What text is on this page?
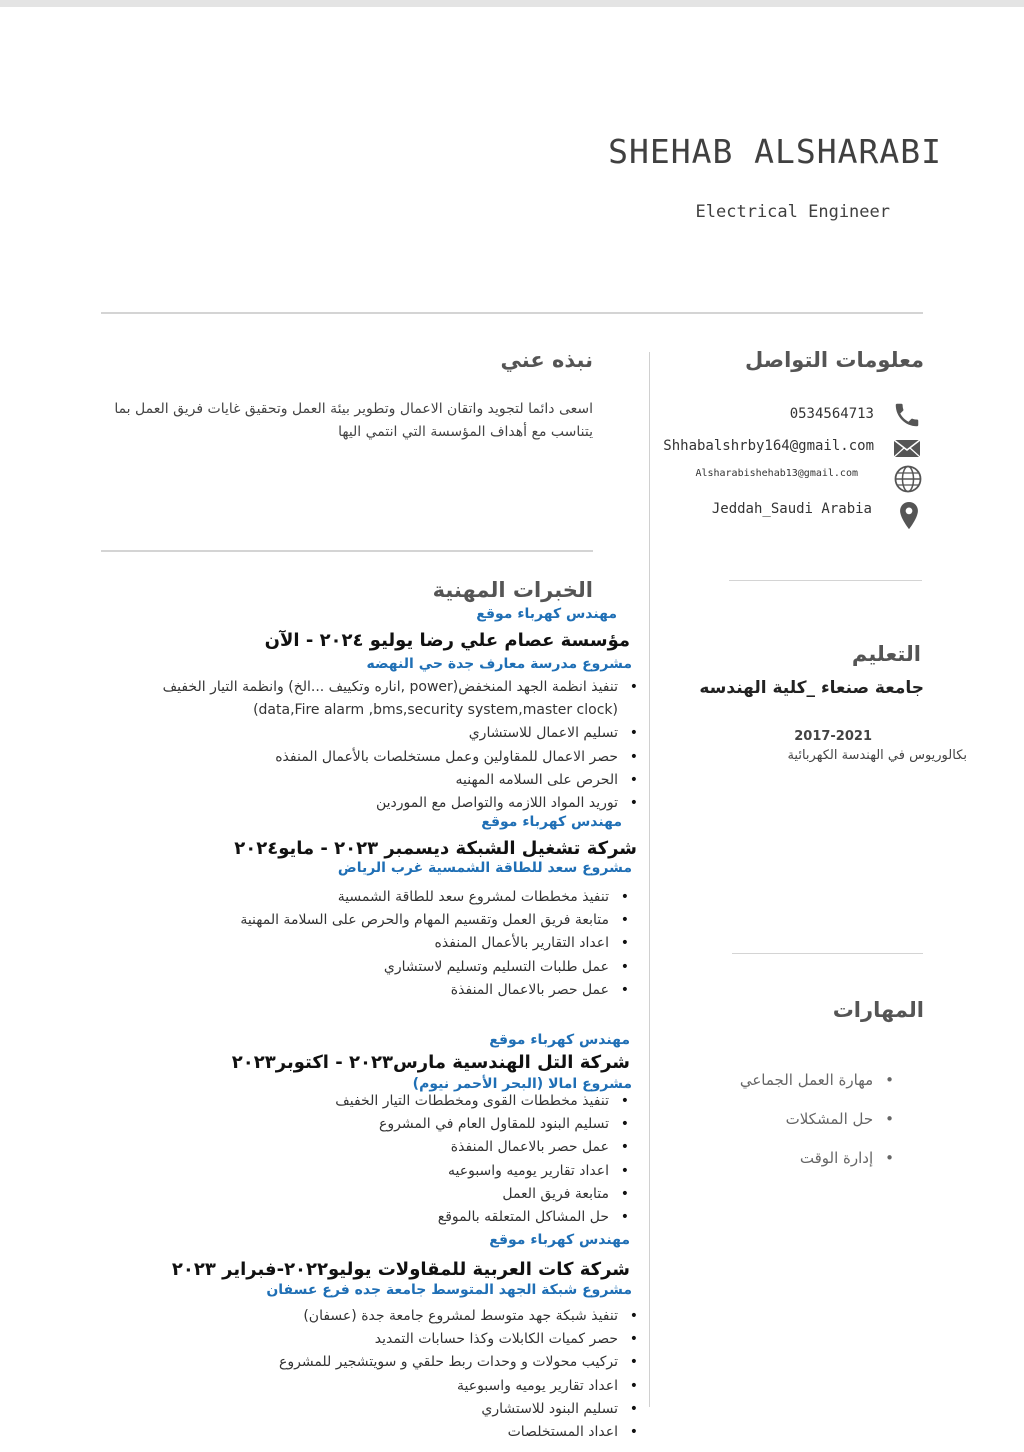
SHEHAB ALSHARABI
Electrical Engineer
معلومات التواصل
0534564713
Shhabalshrby164@gmail.com
Alsharabishehab13@gmail.com
Jeddah_Saudi Arabia
نبذه عني
اسعى دائما لتجويد واتقان الاعمال وتطوير بيئة العمل وتحقيق غايات فريق العمل بما يتناسب مع أهداف المؤسسة التي انتمي اليها
التعليم
جامعة صنعاء _كلية الهندسه
2017-2021
بكالوريوس في الهندسة الكهربائية
المهارات
• مهارة العمل الجماعي
• حل المشكلات
• إدارة الوقت
الخبرات المهنية
مهندس كهرباء موقع
مؤسسة عصام علي رضا يوليو ٢٠٢٤ - الآن
مشروع مدرسة معارف جدة حي النهضه
تنفيذ انظمة الجهد المنخفض(power ,اناره وتكييف ...الخ) وانظمة التيار الخفيف (data,Fire alarm ,bms,security system,master clock) •
تسليم الاعمال للاستشاري •
حصر الاعمال للمقاولين وعمل مستخلصات بالأعمال المنفذه •
الحرص على السلامه المهنيه •
توريد المواد اللازمه والتواصل مع الموردين •
مهندس كهرباء موقع
شركة تشغيل الشبكة ديسمبر ٢٠٢٣ - مايو٢٠٢٤
مشروع سعد للطاقة الشمسية غرب الرياض
تنفيذ مخططات لمشروع سعد للطاقة الشمسية •
متابعة فريق العمل وتقسيم المهام والحرص على السلامة المهنية •
اعداد التقارير بالأعمال المنفذه •
عمل طلبات التسليم وتسليم لاستشاري •
عمل حصر بالاعمال المنفذة •
مهندس كهرباء موقع
شركة التل الهندسية مارس٢٠٢٣ - اكتوبر٢٠٢٣
مشروع امالا (البحر الأحمر نيوم)
تنفيذ مخططات القوى ومخططات التيار الخفيف •
تسليم البنود للمقاول العام في المشروع •
عمل حصر بالاعمال المنفذة •
اعداد تقارير يوميه واسبوعيه •
متابعة فريق العمل •
حل المشاكل المتعلقه بالموقع •
مهندس كهرباء موقع
شركة كات العربية للمقاولات يوليو٢٠٢٢-فبراير ٢٠٢٣
مشروع شبكة الجهد المتوسط جامعة جده فرع عسفان
تنفيذ شبكة جهد متوسط لمشروع جامعة جدة (عسفان) •
حصر كميات الكابلات وكذا حسابات التمديد •
تركيب محولات و وحدات ربط حلقي و سويتشجير للمشروع •
اعداد تقارير يوميه واسبوعية •
تسليم البنود للاستشاري •
اعداد المستخلصات •
